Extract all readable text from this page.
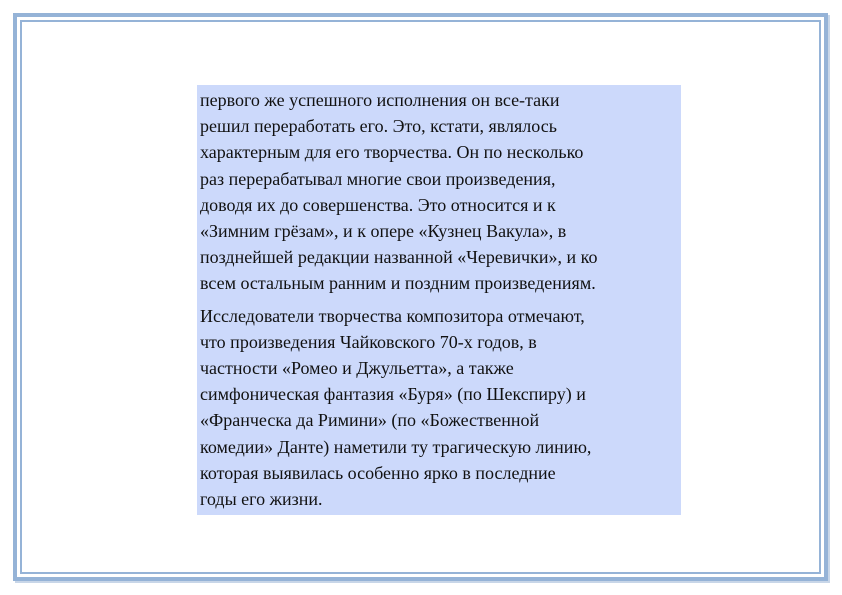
первого же успешного исполнения он все-таки
решил переработать его. Это, кстати, являлось
характерным для его творчества. Он по несколько
раз перерабатывал многие свои произведения,
доводя их до совершенства. Это относится и к
«Зимним грёзам», и к опере «Кузнец Вакула», в
позднейшей редакции названной «Черевички», и ко
всем остальным ранним и поздним произведениям.

Исследователи творчества композитора отмечают,
что произведения Чайковского 70-х годов, в
частности «Ромео и Джульетта», а также
симфоническая фантазия «Буря» (по Шекспиру) и
«Франческа да Римини» (по «Божественной
комедии» Данте) наметили ту трагическую линию,
которая выявилась особенно ярко в последние
годы его жизни.
